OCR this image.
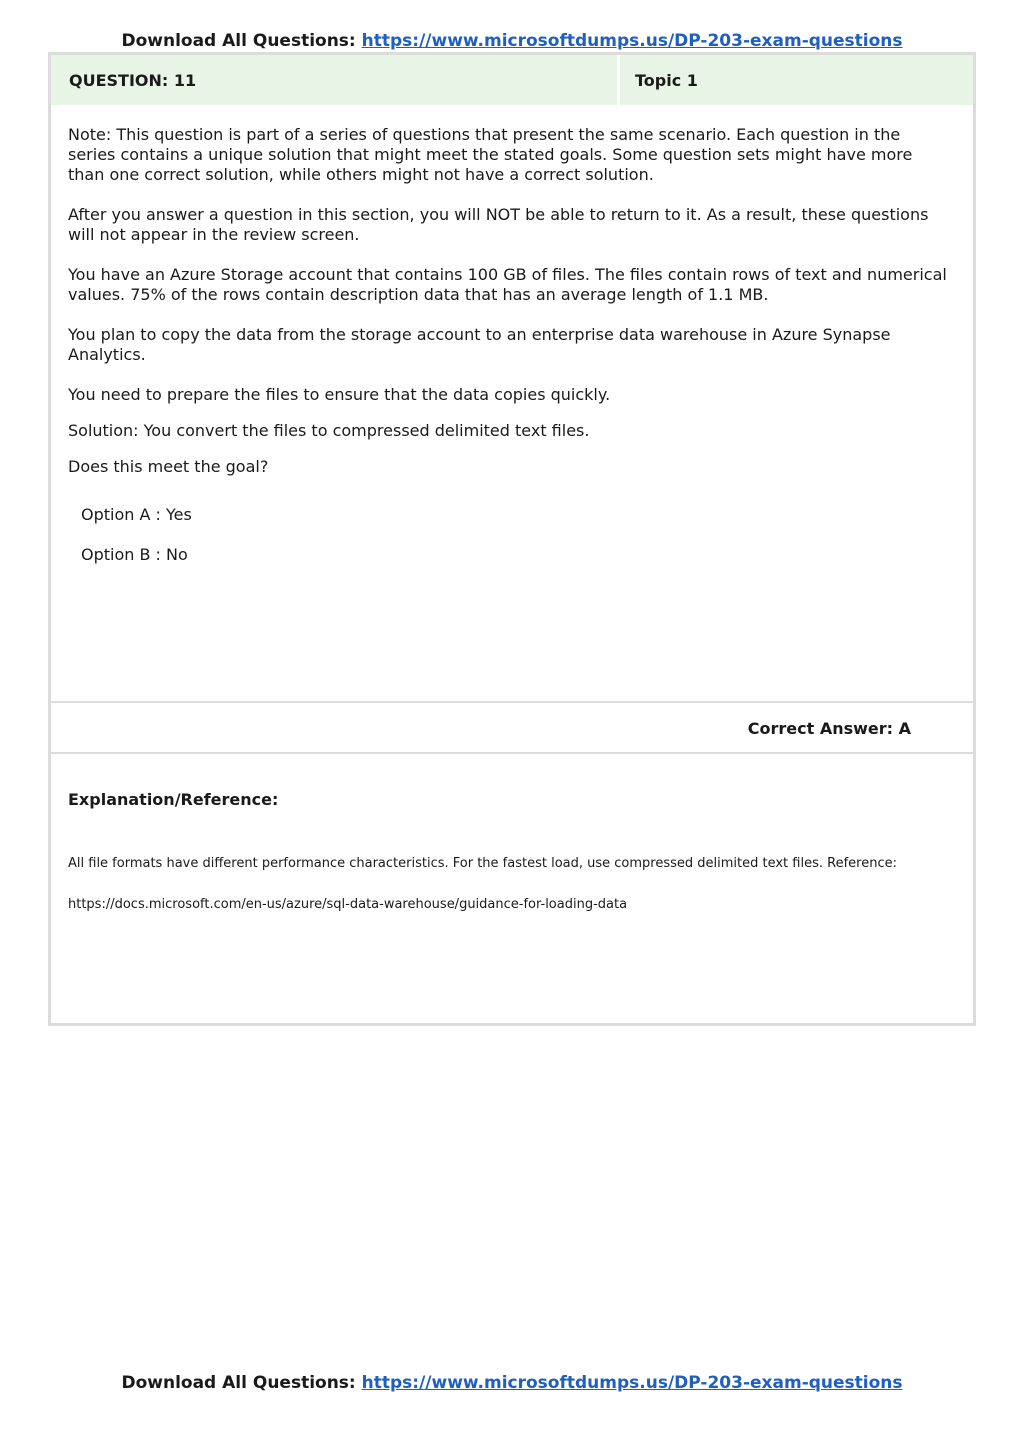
Download All Questions: https://www.microsoftdumps.us/DP-203-exam-questions
QUESTION: 11	Topic 1

Note: This question is part of a series of questions that present the same scenario. Each question in the series contains a unique solution that might meet the stated goals. Some question sets might have more than one correct solution, while others might not have a correct solution.

After you answer a question in this section, you will NOT be able to return to it. As a result, these questions will not appear in the review screen.

You have an Azure Storage account that contains 100 GB of files. The files contain rows of text and numerical values. 75% of the rows contain description data that has an average length of 1.1 MB.

You plan to copy the data from the storage account to an enterprise data warehouse in Azure Synapse Analytics.

You need to prepare the files to ensure that the data copies quickly.

Solution: You convert the files to compressed delimited text files.

Does this meet the goal?

Option A : Yes
Option B : No
Correct Answer: A
Explanation/Reference:

All file formats have different performance characteristics. For the fastest load, use compressed delimited text files. Reference:

https://docs.microsoft.com/en-us/azure/sql-data-warehouse/guidance-for-loading-data

Download All Questions: https://www.microsoftdumps.us/DP-203-exam-questions
